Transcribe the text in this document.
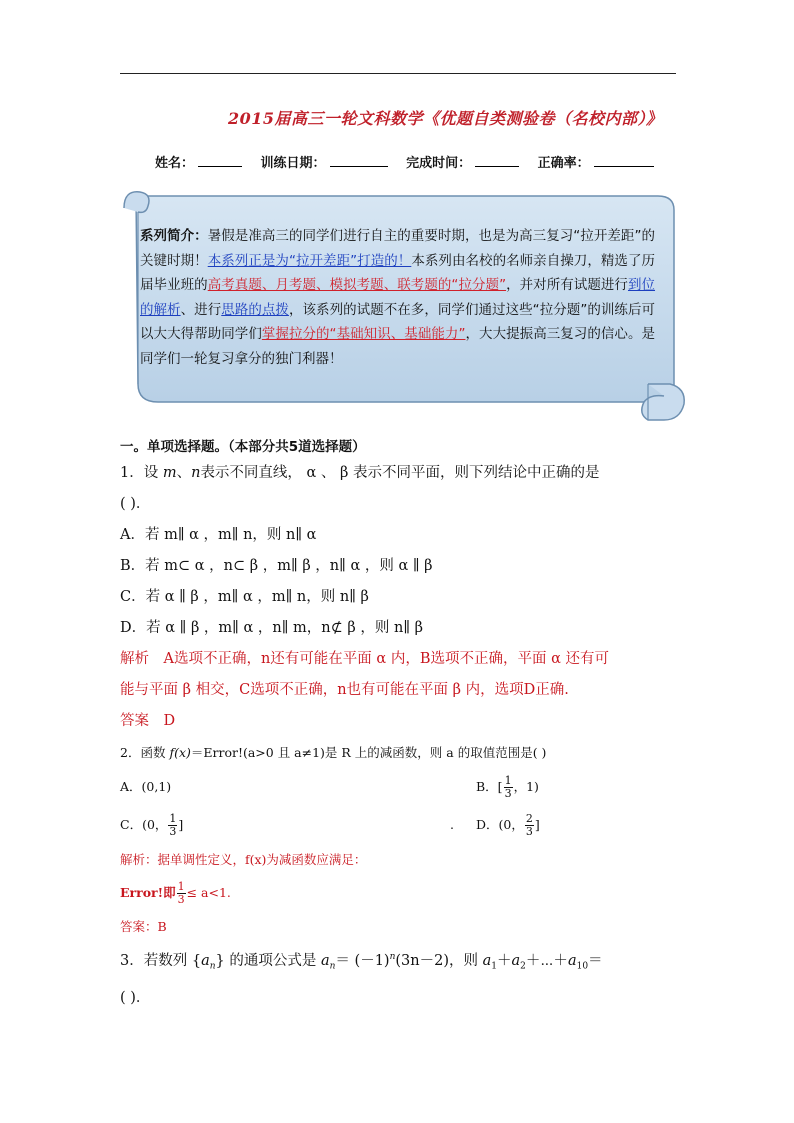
2015届高三一轮文科数学《优题自类测验卷（名校内部）》
姓名：	训练日期：	完成时间：	正确率：
系列简介：暑假是准高三的同学们进行自主的重要时期，也是为高三复习“拉开差距”的关键时期！本系列正是为“拉开差距”打造的！本系列由名校的名师亲自操刀，精选了历届毕业班的高考真题、月考题、模拟考题、联考题的“拉分题”，并对所有试题进行到位的解析、进行思路的点拨，该系列的试题不在多，同学们通过这些“拉分题”的训练后可以大大得帮助同学们掌握拉分的“基础知识、基础能力”，大大提振高三复习的信心。是同学们一轮复习拿分的独门利器！
一。单项选择题。（本部分共5道选择题）
1．设 m、n表示不同直线， α 、 β 表示不同平面，则下列结论中正确的是
( )．
A．若 m∥ α ，m∥ n，则 n∥ α
B．若 m⊂ α ，n⊂ β ，m∥ β ，n∥ α ，则 α ∥ β
C．若 α ∥ β ，m∥ α ，m∥ n，则 n∥ β
D．若 α ∥ β ，m∥ α ，n∥ m，n⊄ β ，则 n∥ β
解析　A选项不正确，n还有可能在平面 α 内，B选项不正确，平面 α 还有可
能与平面 β 相交，C选项不正确，n也有可能在平面 β 内，选项D正确.
答案　D
2．函数 f(x)＝Error!(a>0 且 a≠1)是 R 上的减函数，则 a 的取值范围是( )
A．(0,1)	B．[ $\frac{1}{3}$ ，1)
C．(0， $\frac{1}{3}$ ]	. D．(0， $\frac{2}{3}$ ]
解析：据单调性定义，f(x)为减函数应满足：
Error!即 $\frac{1}{3} \le a<1$.
答案：B
3．若数列 $\{a_n\}$ 的通项公式是 $a_n= (-1)^n(3n-2)$，则 $a_1+a_2+\cdots+a_{10}=$
( )．
